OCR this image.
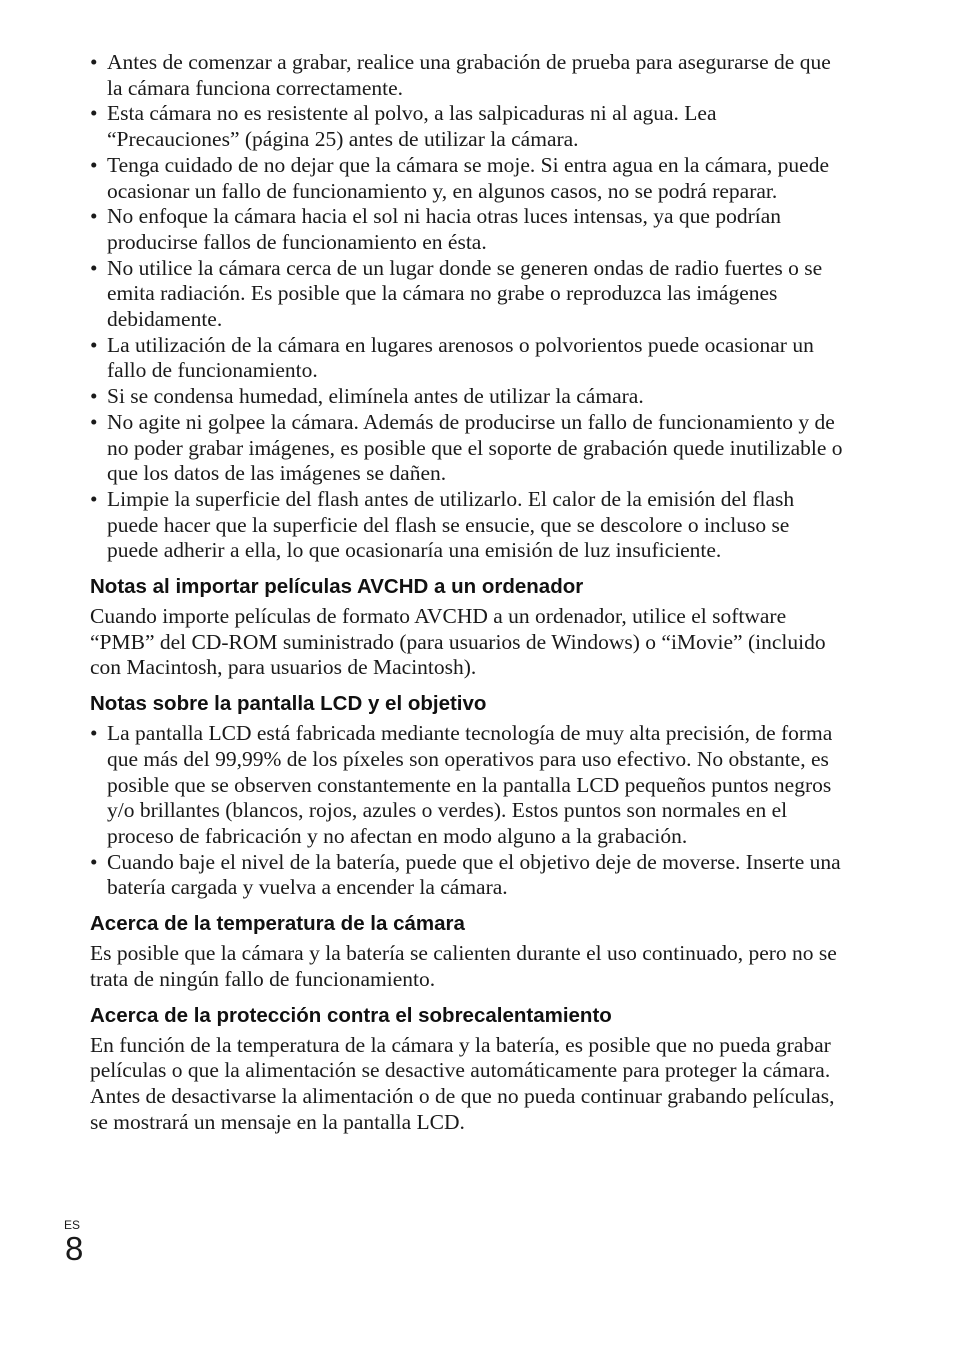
• Antes de comenzar a grabar, realice una grabación de prueba para asegurarse de que la cámara funciona correctamente.
• Esta cámara no es resistente al polvo, a las salpicaduras ni al agua. Lea “Precauciones” (página 25) antes de utilizar la cámara.
• Tenga cuidado de no dejar que la cámara se moje. Si entra agua en la cámara, puede ocasionar un fallo de funcionamiento y, en algunos casos, no se podrá reparar.
• No enfoque la cámara hacia el sol ni hacia otras luces intensas, ya que podrían producirse fallos de funcionamiento en ésta.
• No utilice la cámara cerca de un lugar donde se generen ondas de radio fuertes o se emita radiación. Es posible que la cámara no grabe o reproduzca las imágenes debidamente.
• La utilización de la cámara en lugares arenosos o polvorientos puede ocasionar un fallo de funcionamiento.
• Si se condensa humedad, elimínela antes de utilizar la cámara.
• No agite ni golpee la cámara. Además de producirse un fallo de funcionamiento y de no poder grabar imágenes, es posible que el soporte de grabación quede inutilizable o que los datos de las imágenes se dañen.
• Limpie la superficie del flash antes de utilizarlo. El calor de la emisión del flash puede hacer que la superficie del flash se ensucie, que se descolore o incluso se puede adherir a ella, lo que ocasionaría una emisión de luz insuficiente.
Notas al importar películas AVCHD a un ordenador

Cuando importe películas de formato AVCHD a un ordenador, utilice el software “PMB” del CD-ROM suministrado (para usuarios de Windows) o “iMovie” (incluido con Macintosh, para usuarios de Macintosh).

Notas sobre la pantalla LCD y el objetivo
• La pantalla LCD está fabricada mediante tecnología de muy alta precisión, de forma que más del 99,99% de los píxeles son operativos para uso efectivo. No obstante, es posible que se observen constantemente en la pantalla LCD pequeños puntos negros y/o brillantes (blancos, rojos, azules o verdes). Estos puntos son normales en el proceso de fabricación y no afectan en modo alguno a la grabación.
• Cuando baje el nivel de la batería, puede que el objetivo deje de moverse. Inserte una batería cargada y vuelva a encender la cámara.
Acerca de la temperatura de la cámara

Es posible que la cámara y la batería se calienten durante el uso continuado, pero no se trata de ningún fallo de funcionamiento.

Acerca de la protección contra el sobrecalentamiento

En función de la temperatura de la cámara y la batería, es posible que no pueda grabar películas o que la alimentación se desactive automáticamente para proteger la cámara.

Antes de desactivarse la alimentación o de que no pueda continuar grabando películas, se mostrará un mensaje en la pantalla LCD.

ES
8
